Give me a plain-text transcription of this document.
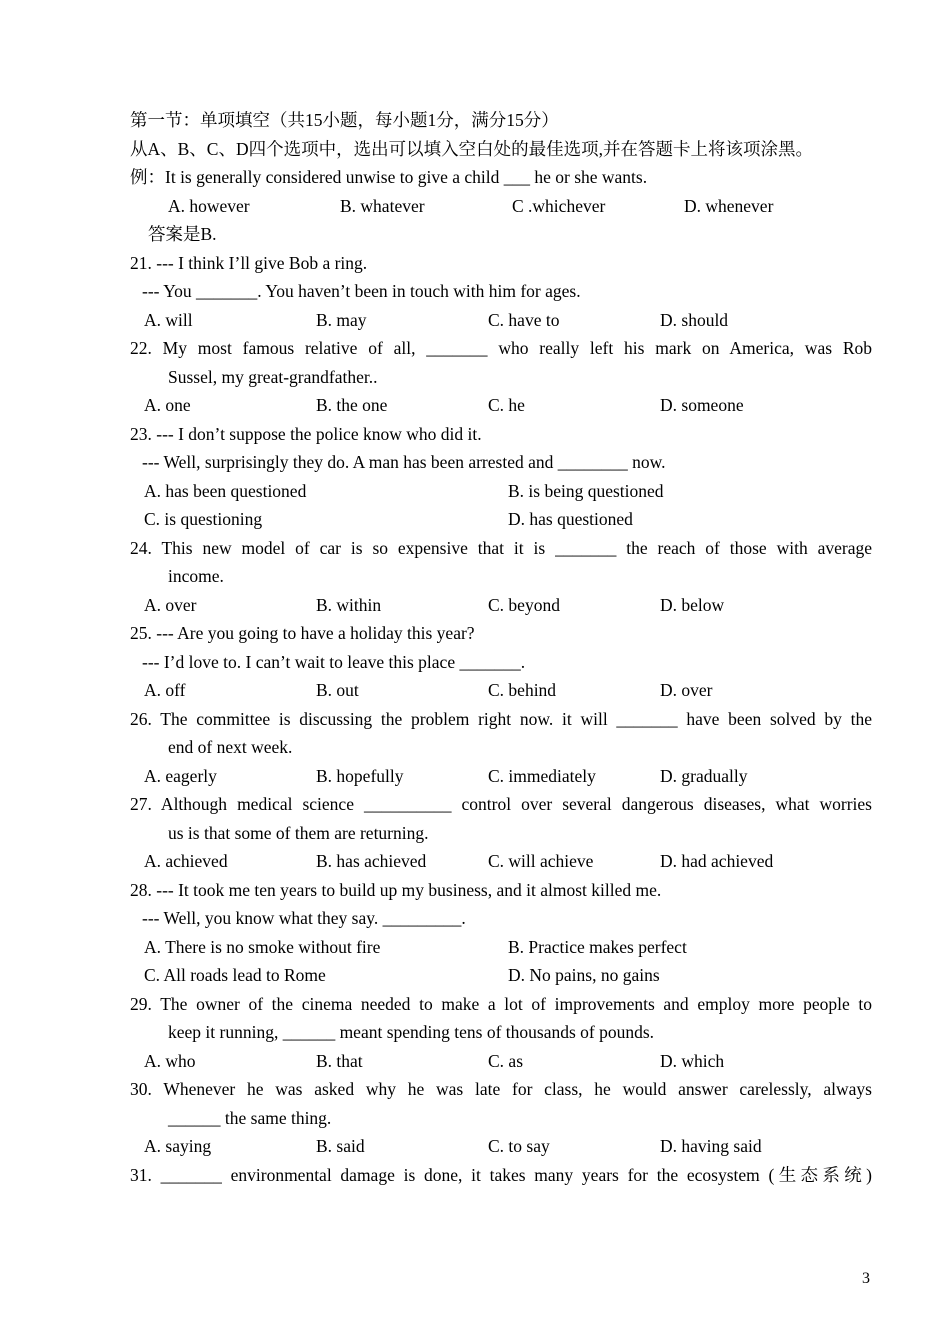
第一节：单项填空（共15小题，每小题1分，满分15分）
从A、B、C、D四个选项中，选出可以填入空白处的最佳选项,并在答题卡上将该项涂黑。
例：It is generally considered unwise to give a child ___ he or she wants.
A. however	B. whatever	C .whichever	D. whenever
答案是B.
21. --- I think I’ll give Bob a ring.
--- You _______. You haven’t been in touch with him for ages.
A. will	B. may	C. have to	D. should
22. My most famous relative of all, _______ who really left his mark on America, was Rob
Sussel, my great-grandfather..
A. one	B. the one	C. he	D. someone
23. --- I don’t suppose the police know who did it.
--- Well, surprisingly they do. A man has been arrested and ________ now.
A. has been questioned	B. is being questioned
C. is questioning	D. has questioned
24. This new model of car is so expensive that it is _______ the reach of those with average
income.
A. over	B. within	C. beyond	D. below
25. --- Are you going to have a holiday this year?
--- I’d love to. I can’t wait to leave this place _______.
A. off	B. out	C. behind	D. over
26. The committee is discussing the problem right now. it will _______ have been solved by the
end of next week.
A. eagerly	B. hopefully	C. immediately	D. gradually
27. Although medical science __________ control over several dangerous diseases, what worries
us is that some of them are returning.
A. achieved	B. has achieved	C. will achieve	D. had achieved
28. --- It took me ten years to build up my business, and it almost killed me.
--- Well, you know what they say. _________.
A. There is no smoke without fire	B. Practice makes perfect
C. All roads lead to Rome	D. No pains, no gains
29. The owner of the cinema needed to make a lot of improvements and employ more people to
keep it running, ______ meant spending tens of thousands of pounds.
A. who	B. that	C. as	D. which
30. Whenever he was asked why he was late for class, he would answer carelessly, always
______ the same thing.
A. saying	B. said	C. to say	D. having said
31. _______ environmental damage is done, it takes many years for the ecosystem (生态系统)
3
